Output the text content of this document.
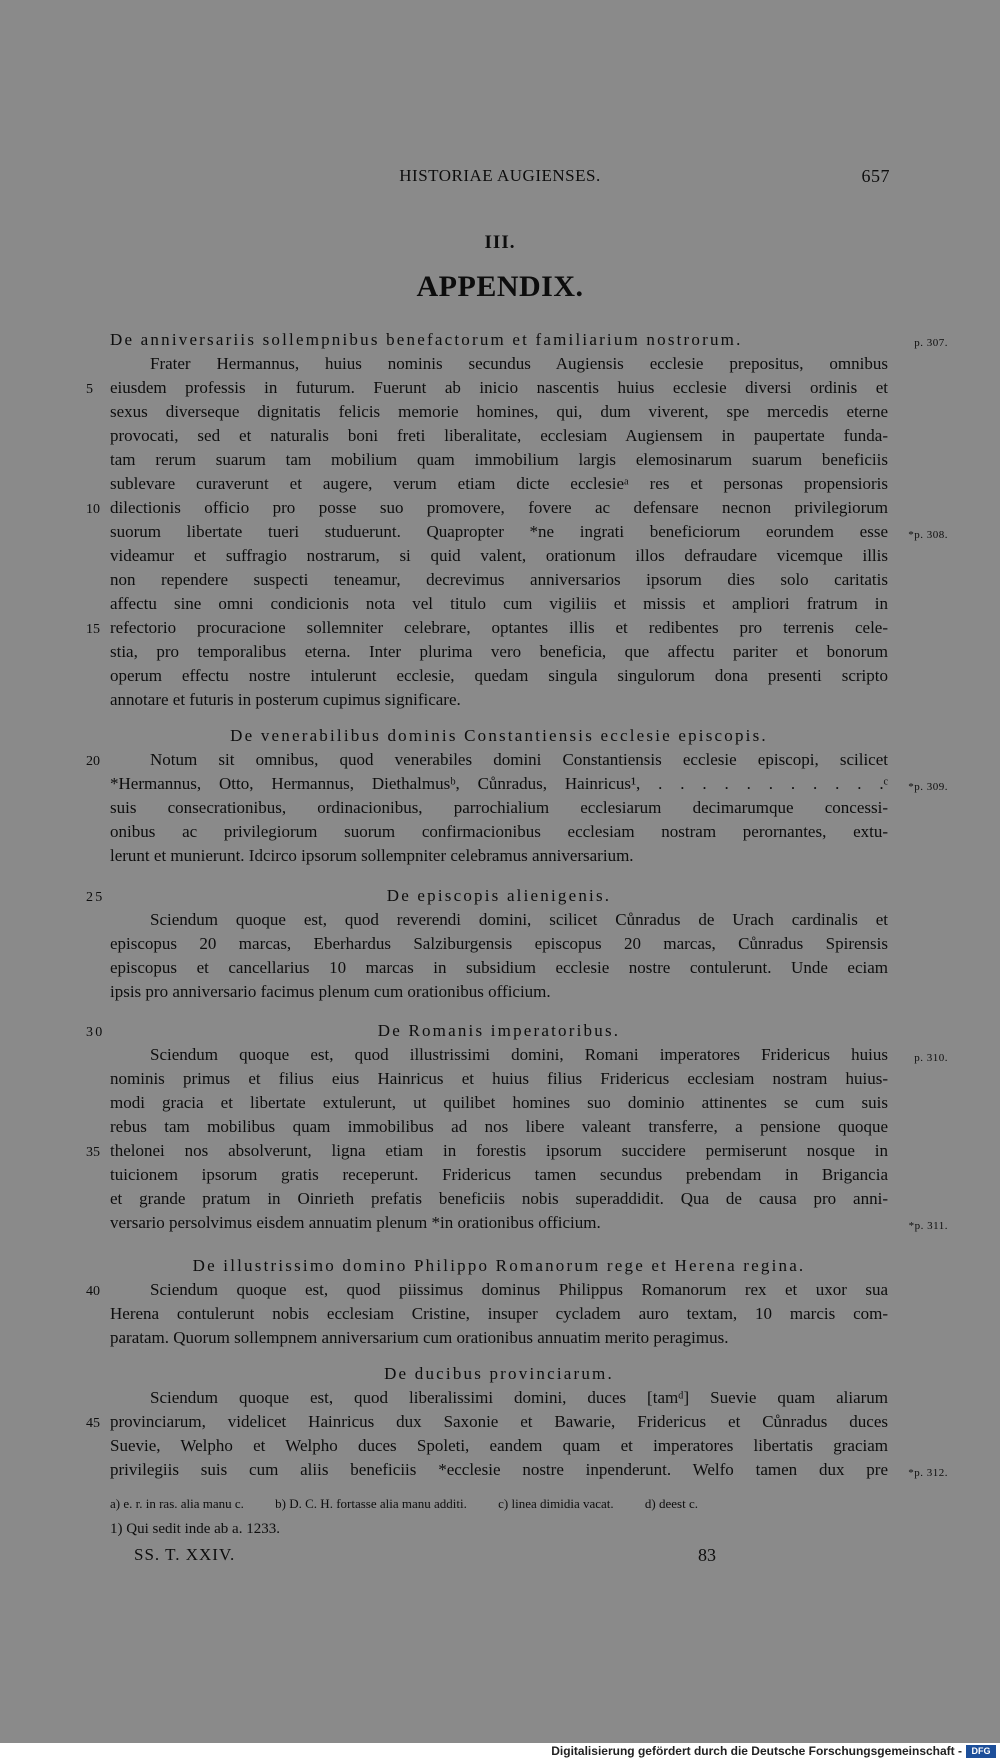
HISTORIAE AUGIENSES.	657
III.
APPENDIX.
De anniversariis sollempnibus benefactorum et familiarium nostrorum.	p. 307.
Frater Hermannus, huius nominis secundus Augiensis ecclesie prepositus, omnibus
eiusdem professis in futurum. Fuerunt ab inicio nascentis huius ecclesie diversi ordinis et
5
sexus diverseque dignitatis felicis memorie homines, qui, dum viverent, spe mercedis eterne
provocati, sed et naturalis boni freti liberalitate, ecclesiam Augiensem in paupertate funda-
tam rerum suarum tam mobilium quam immobilium largis elemosinarum suarum beneficiis
sublevare curaverunt et augere, verum etiam dicte ecclesieᵃ res et personas propensioris
dilectionis officio pro posse suo promovere, fovere ac defensare necnon privilegiorum
10
suorum libertate tueri studuerunt. Quapropter *ne ingrati beneficiorum eorundem esse *p. 308.
videamur et suffragio nostrarum, si quid valent, orationum illos defraudare vicemque illis
non rependere suspecti teneamur, decrevimus anniversarios ipsorum dies solo caritatis
affectu sine omni condicionis nota vel titulo cum vigiliis et missis et ampliori fratrum in
refectorio procuracione sollemniter celebrare, optantes illis et redibentes pro terrenis cele-
15
stia, pro temporalibus eterna. Inter plurima vero beneficia, que affectu pariter et bonorum
operum effectu nostre intulerunt ecclesie, quedam singula singulorum dona presenti scripto
annotare et futuris in posterum cupimus significare.
De venerabilibus dominis Constantiensis ecclesie episcopis.
Notum sit omnibus, quod venerabiles domini Constantiensis ecclesie episcopi, scilicet
20
*Hermannus, Otto, Hermannus, Diethalmusᵇ, Cůnradus, Hainricus¹, . . . . . . . . . . .ᶜ *p. 309.
suis consecrationibus, ordinacionibus, parrochialium ecclesiarum decimarumque concessi-
onibus ac privilegiorum suorum confirmacionibus ecclesiam nostram perornantes, extu-
lerunt et munierunt. Idcirco ipsorum sollempniter celebramus anniversarium.
De episcopis alienigenis.
25
Sciendum quoque est, quod reverendi domini, scilicet Cůnradus de Urach cardinalis et
episcopus 20 marcas, Eberhardus Salziburgensis episcopus 20 marcas, Cůnradus Spirensis
episcopus et cancellarius 10 marcas in subsidium ecclesie nostre contulerunt. Unde eciam
ipsis pro anniversario facimus plenum cum orationibus officium.
De Romanis imperatoribus.
30
Sciendum quoque est, quod illustrissimi domini, Romani imperatores Fridericus huius p. 310.
nominis primus et filius eius Hainricus et huius filius Fridericus ecclesiam nostram huius-
modi gracia et libertate extulerunt, ut quilibet homines suo dominio attinentes se cum suis
rebus tam mobilibus quam immobilibus ad nos libere valeant transferre, a pensione quoque
thelonei nos absolverunt, ligna etiam in forestis ipsorum succidere permiserunt nosque in
35
tuicionem ipsorum gratis receperunt. Fridericus tamen secundus prebendam in Brigancia
et grande pratum in Oinrieth prefatis beneficiis nobis superaddidit. Qua de causa pro anni-
versario persolvimus eisdem annuatim plenum *in orationibus officium.	*p. 311.
De illustrissimo domino Philippo Romanorum rege et Herena regina.
Sciendum quoque est, quod piissimus dominus Philippus Romanorum rex et uxor sua
40
Herena contulerunt nobis ecclesiam Cristine, insuper cycladem auro textam, 10 marcis com-
paratam. Quorum sollempnem anniversarium cum orationibus annuatim merito peragimus.
De ducibus provinciarum.
Sciendum quoque est, quod liberalissimi domini, duces [tamᵈ] Suevie quam aliarum
provinciarum, videlicet Hainricus dux Saxonie et Bawarie, Fridericus et Cůnradus duces
45
Suevie, Welpho et Welpho duces Spoleti, eandem quam et imperatores libertatis graciam
privilegiis suis cum aliis beneficiis *ecclesie nostre inpenderunt. Welfo tamen dux pre *p. 312.
a) e. r. in ras. alia manu c. b) D. C. H. fortasse alia manu additi. c) linea dimidia vacat. d) deest c.
1) Qui sedit inde ab a. 1233.
SS. T. XXIV.	83
Digitalisierung gefördert durch die Deutsche Forschungsgemeinschaft -	DFG
